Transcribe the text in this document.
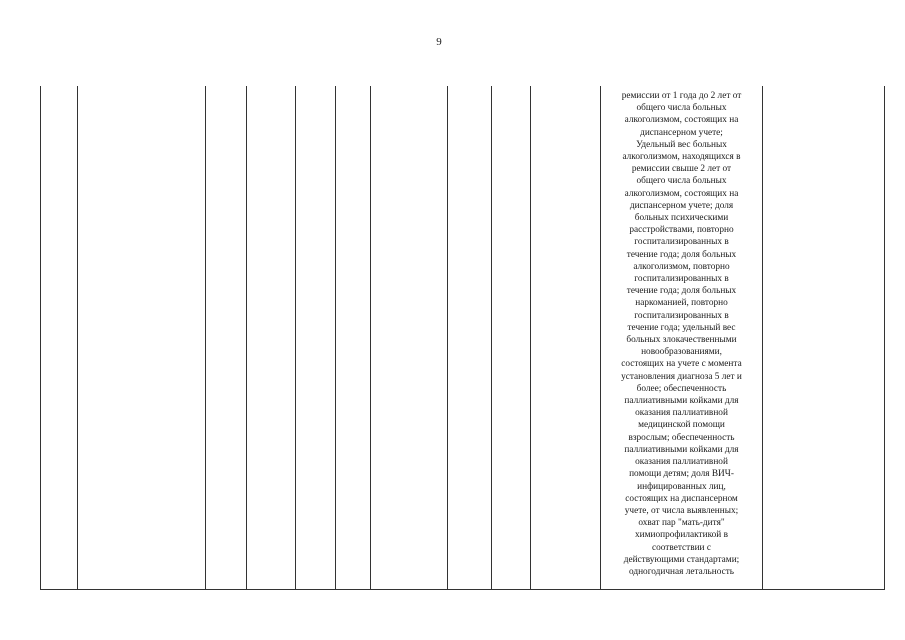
9
ремиссии от 1 года до 2 лет от
общего числа больных
алкоголизмом, состоящих на
диспансерном учете;
Удельный вес больных
алкоголизмом, находящихся в
ремиссии свыше 2 лет от
общего числа больных
алкоголизмом, состоящих на
диспансерном учете; доля
больных психическими
расстройствами, повторно
госпитализированных в
течение года; доля больных
алкоголизмом, повторно
госпитализированных в
течение года; доля больных
наркоманией, повторно
госпитализированных в
течение года; удельный вес
больных злокачественными
новообразованиями,
состоящих на учете с момента
установления диагноза 5 лет и
более; обеспеченность
паллиативными койками для
оказания паллиативной
медицинской помощи
взрослым; обеспеченность
паллиативными койками для
оказания паллиативной
помощи детям; доля ВИЧ-
инфицированных лиц,
состоящих на диспансерном
учете, от числа выявленных;
охват пар "мать-дитя"
химиопрофилактикой в
соответствии с
действующими стандартами;
одногодичная летальность
